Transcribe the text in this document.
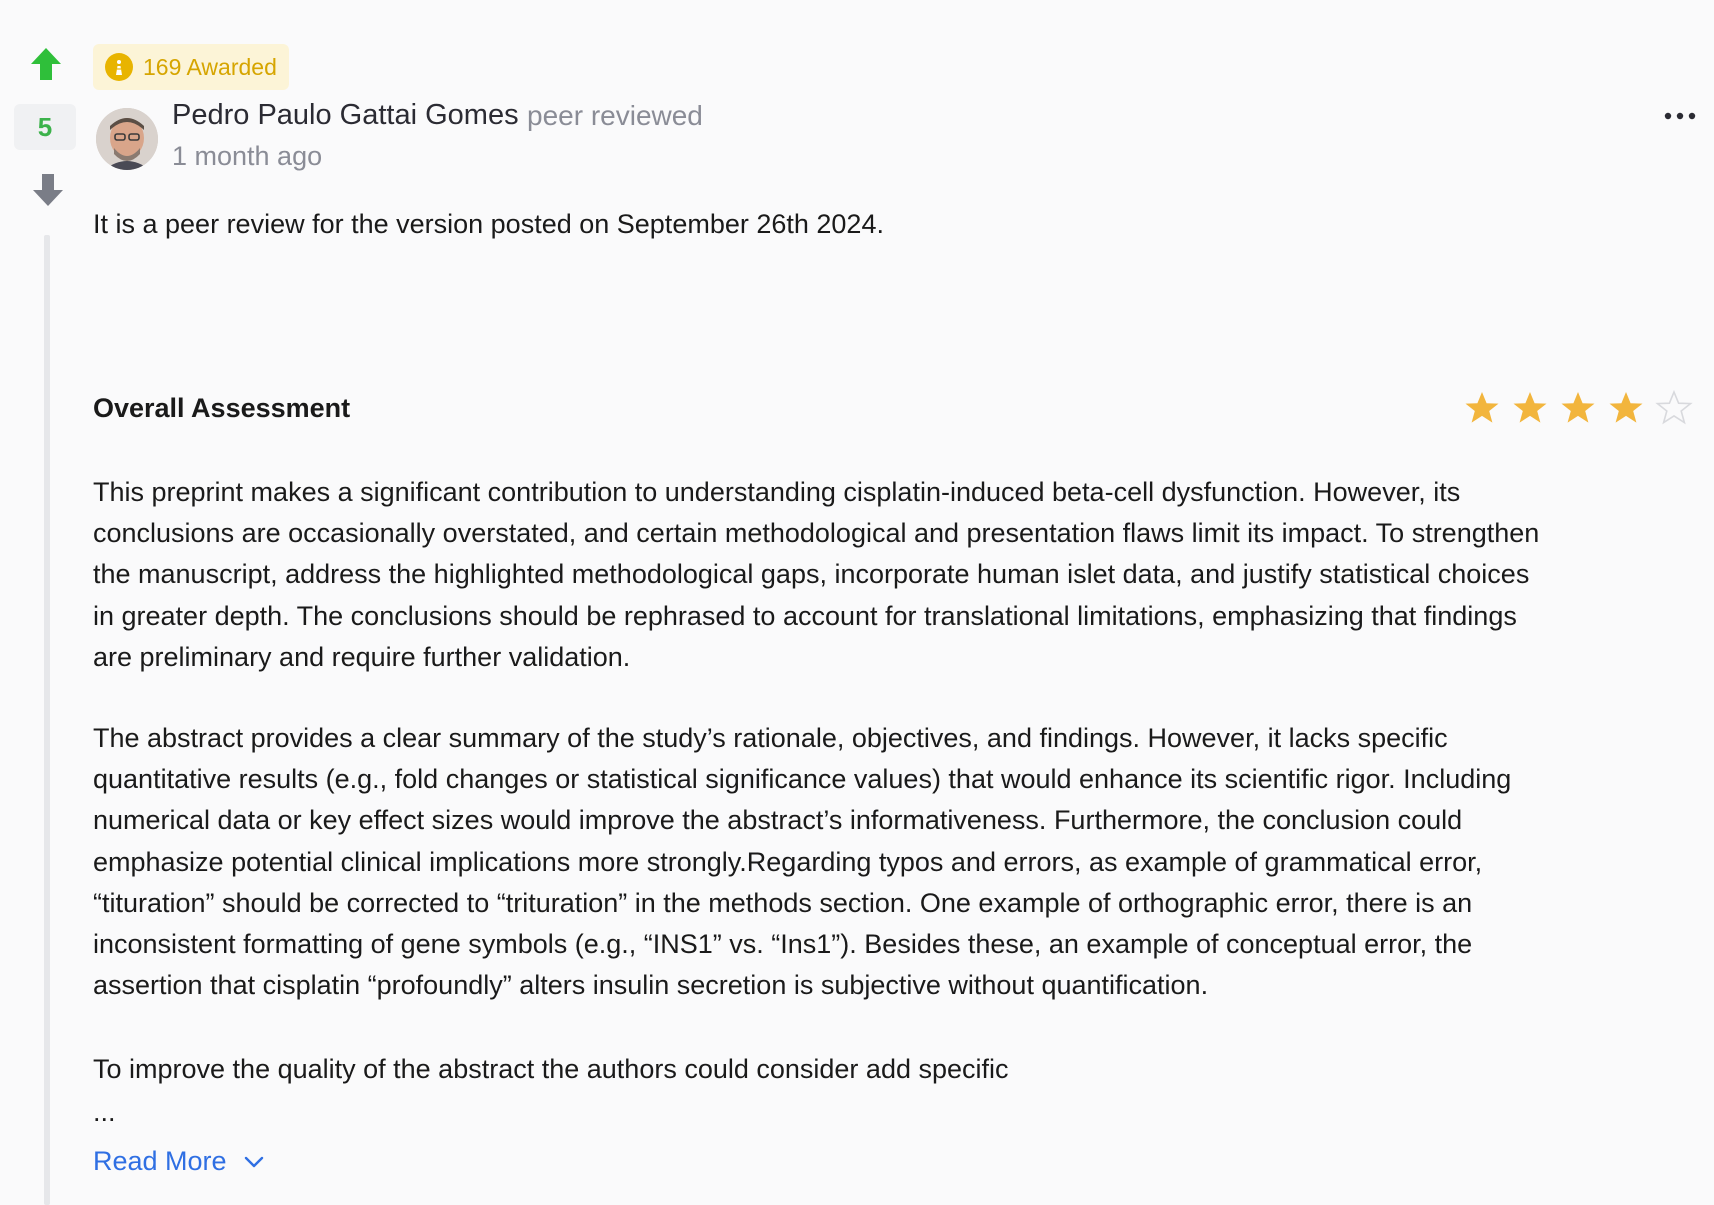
5
169 Awarded
Pedro Paulo Gattai Gomes peer reviewed
1 month ago
It is a peer review for the version posted on September 26th 2024.
Overall Assessment
This preprint makes a significant contribution to understanding cisplatin-induced beta-cell dysfunction. However, its
conclusions are occasionally overstated, and certain methodological and presentation flaws limit its impact. To strengthen
the manuscript, address the highlighted methodological gaps, incorporate human islet data, and justify statistical choices
in greater depth. The conclusions should be rephrased to account for translational limitations, emphasizing that findings
are preliminary and require further validation.
The abstract provides a clear summary of the study’s rationale, objectives, and findings. However, it lacks specific
quantitative results (e.g., fold changes or statistical significance values) that would enhance its scientific rigor. Including
numerical data or key effect sizes would improve the abstract’s informativeness. Furthermore, the conclusion could
emphasize potential clinical implications more strongly.Regarding typos and errors, as example of grammatical error,
“tituration” should be corrected to “trituration” in the methods section. One example of orthographic error, there is an
inconsistent formatting of gene symbols (e.g., “INS1” vs. “Ins1”). Besides these, an example of conceptual error, the
assertion that cisplatin “profoundly” alters insulin secretion is subjective without quantification.
To improve the quality of the abstract the authors could consider add specific
...
Read More
